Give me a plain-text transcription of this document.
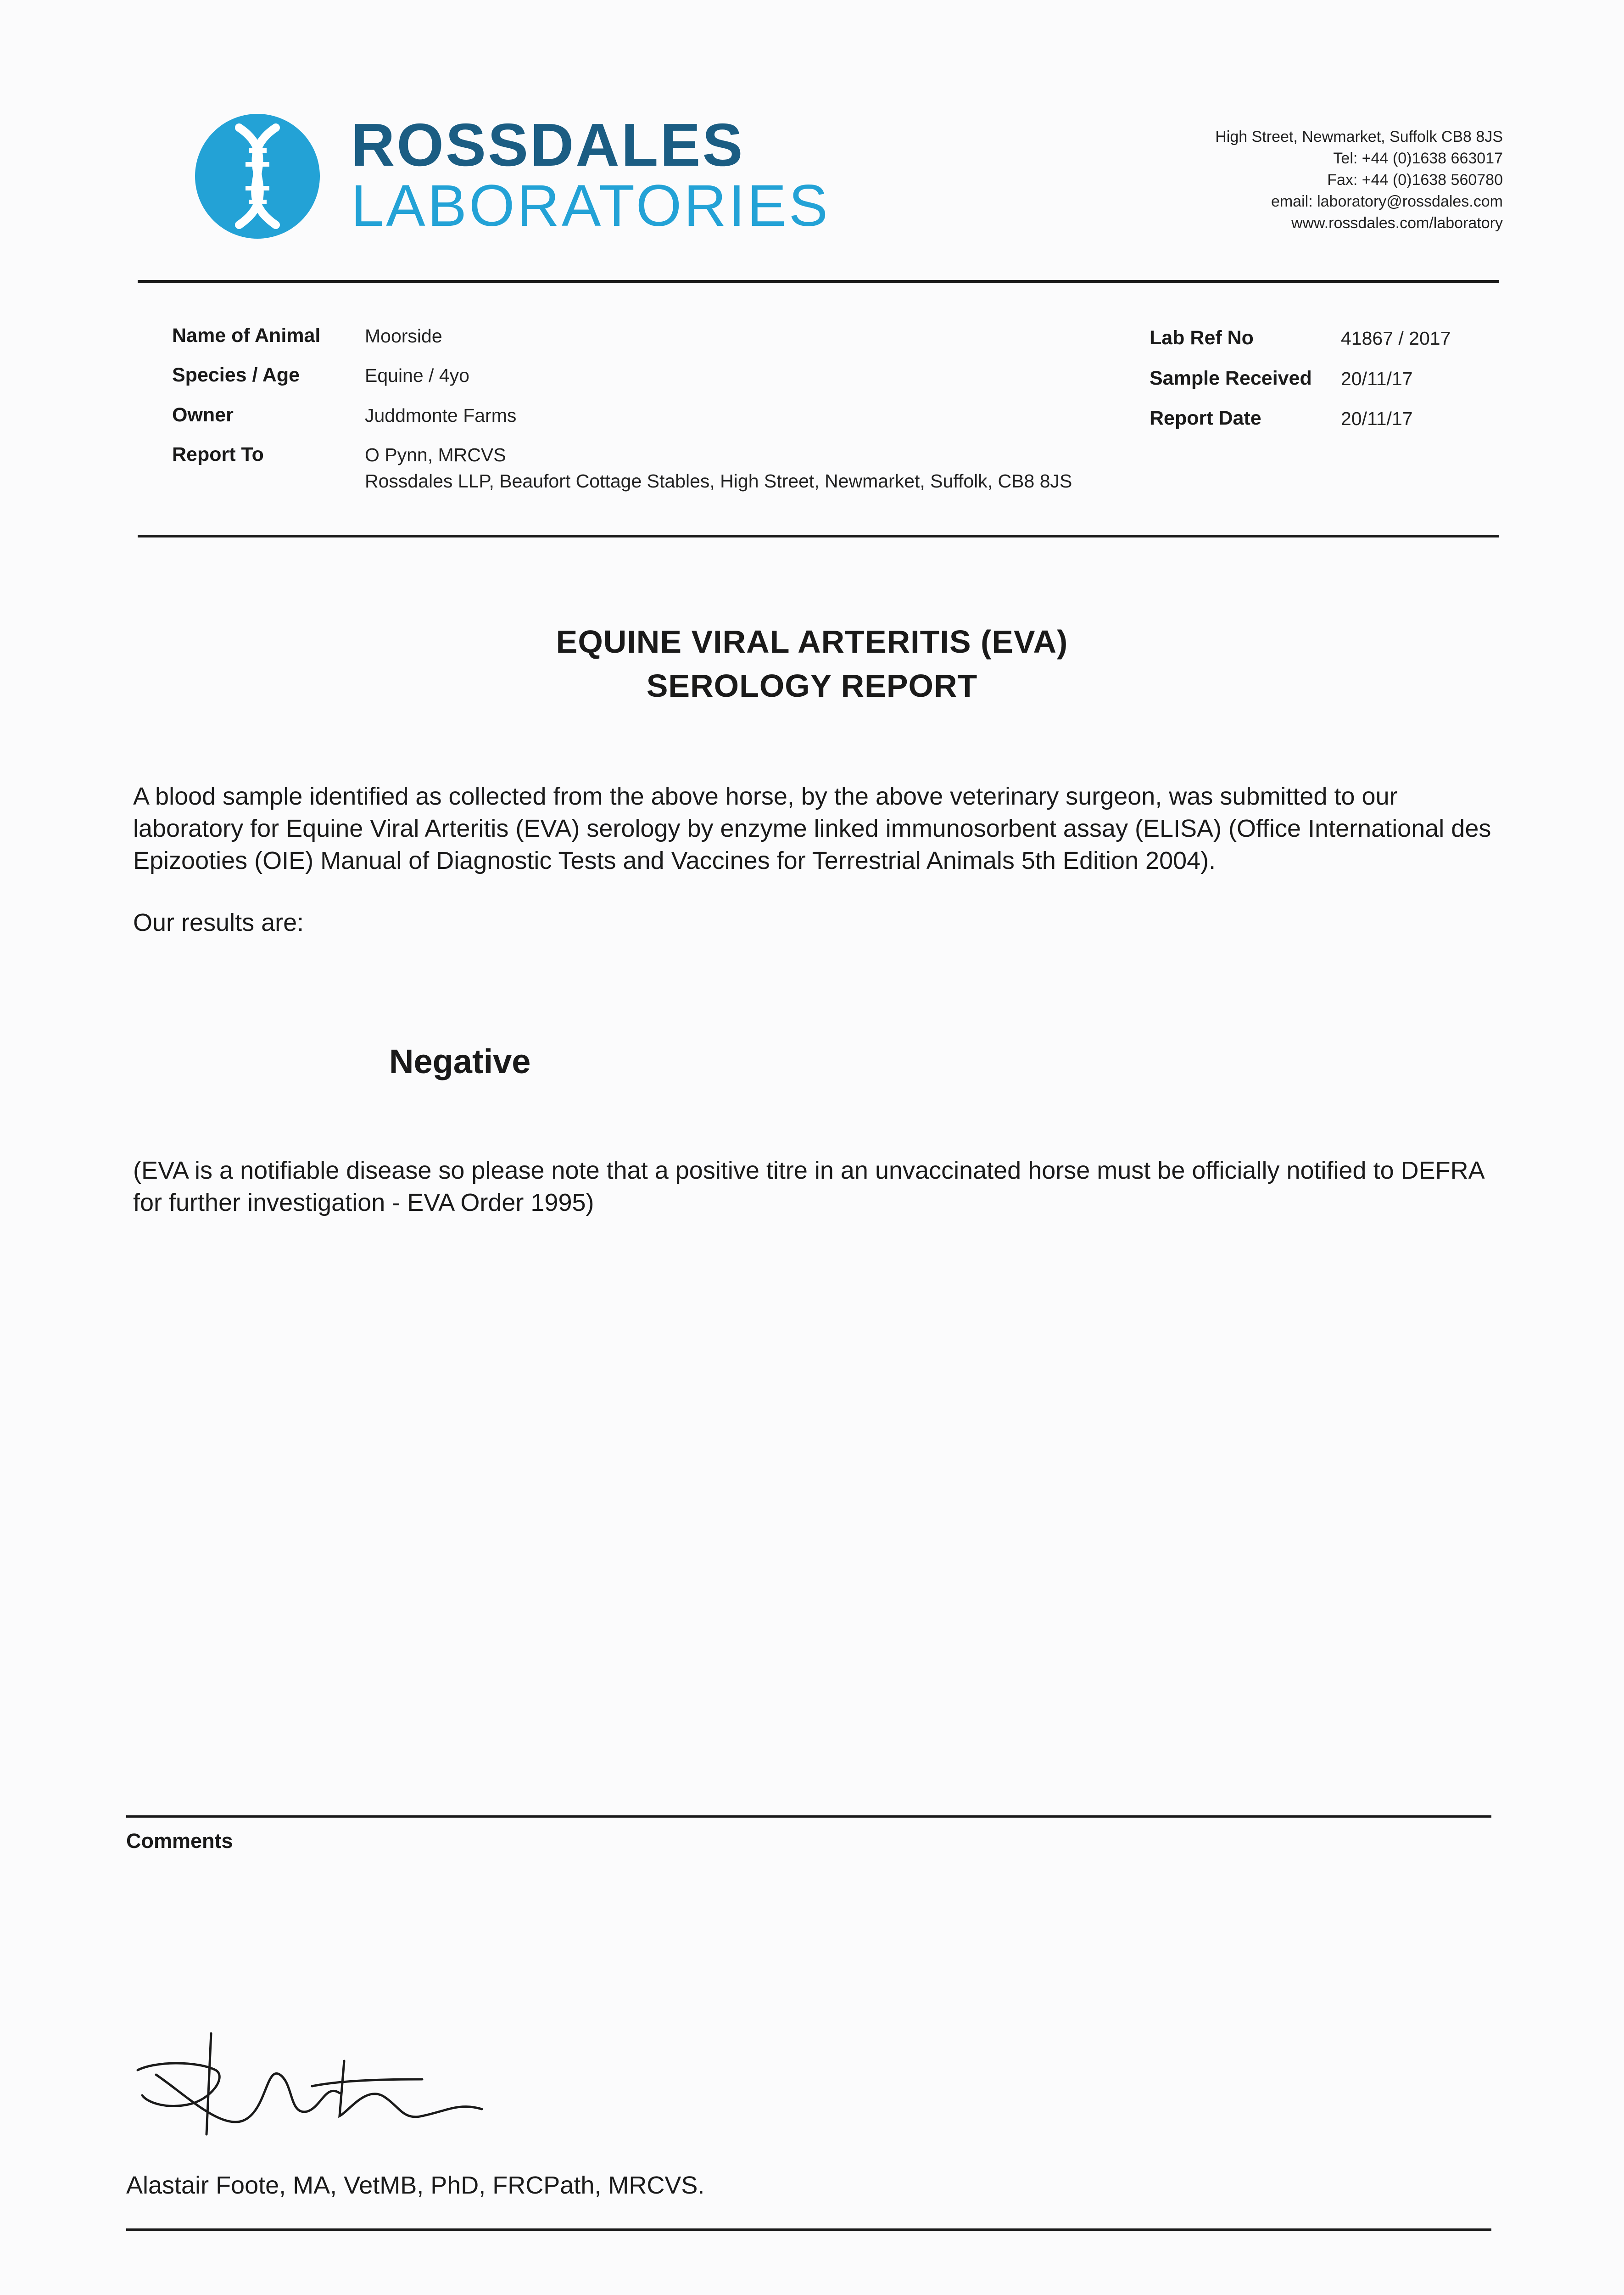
ROSSDALES
LABORATORIES
High Street, Newmarket, Suffolk CB8 8JS
Tel: +44 (0)1638 663017
Fax: +44 (0)1638 560780
email: laboratory@rossdales.com
www.rossdales.com/laboratory
Name of Animal Moorside
Species / Age	Equine / 4yo
Owner	Juddmonte Farms
Report To	O Pynn, MRCVS
Rossdales LLP, Beaufort Cottage Stables, High Street, Newmarket, Suffolk, CB8 8JS
Lab Ref No	41867 / 2017
Sample Received 20/11/17
Report Date	20/11/17
EQUINE VIRAL ARTERITIS (EVA)
SEROLOGY REPORT
A blood sample identified as collected from the above horse, by the above veterinary surgeon, was submitted to our laboratory for Equine Viral Arteritis (EVA) serology by enzyme linked immunosorbent assay (ELISA) (Office International des Epizooties (OIE) Manual of Diagnostic Tests and Vaccines for Terrestrial Animals 5th Edition 2004).
Our results are:
Negative
(EVA is a notifiable disease so please note that a positive titre in an unvaccinated horse must be officially notified to DEFRA for further investigation - EVA Order 1995)
Comments
Alastair Foote, MA, VetMB, PhD, FRCPath, MRCVS.
